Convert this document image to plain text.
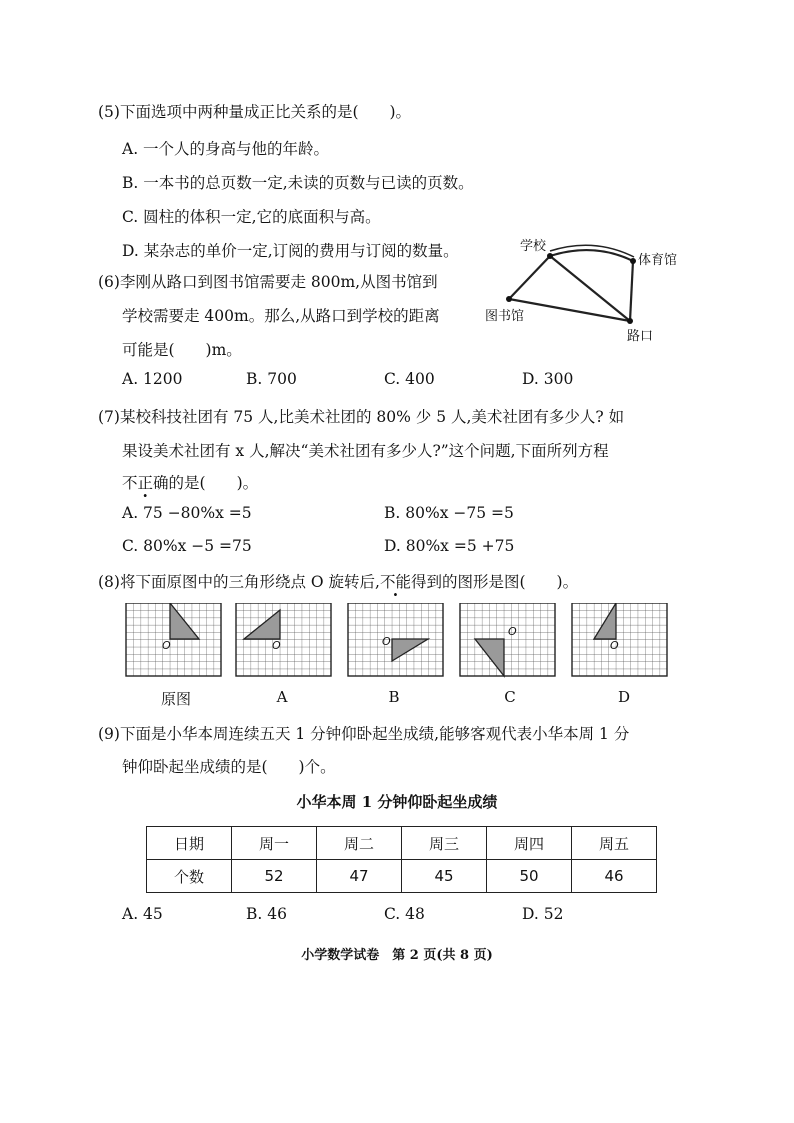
(5)下面选项中两种量成正比关系的是(　　)。
A. 一个人的身高与他的年龄。
B. 一本书的总页数一定,未读的页数与已读的页数。
C. 圆柱的体积一定,它的底面积与高。
D. 某杂志的单价一定,订阅的费用与订阅的数量。
(6)李刚从路口到图书馆需要走 800m,从图书馆到
学校需要走 400m。那么,从路口到学校的距离
可能是(　　)m。
A. 1200	B. 700	C. 400	D. 300
学校
体育馆
图书馆
路口
(7)某校科技社团有 75 人,比美术社团的 80% 少 5 人,美术社团有多少人? 如
果设美术社团有 x 人,解决“美术社团有多少人?”这个问题,下面所列方程
不正确的是(　　)。
A. 75 −80%x =5	B. 80%x −75 =5
C. 80%x −5 =75	D. 80%x =5 +75
(8)将下面原图中的三角形绕点 O 旋转后,不能得到的图形是图(　　)。
O	O	O
O
O
原图	A	B	C	D
(9)下面是小华本周连续五天 1 分钟仰卧起坐成绩,能够客观代表小华本周 1 分
钟仰卧起坐成绩的是(　　)个。
小华本周 1 分钟仰卧起坐成绩
日期	周一	周二	周三	周四	周五
个数	52	47	45	50	46
A. 45	B. 46	C. 48	D. 52
小学数学试卷　第 2 页(共 8 页)
